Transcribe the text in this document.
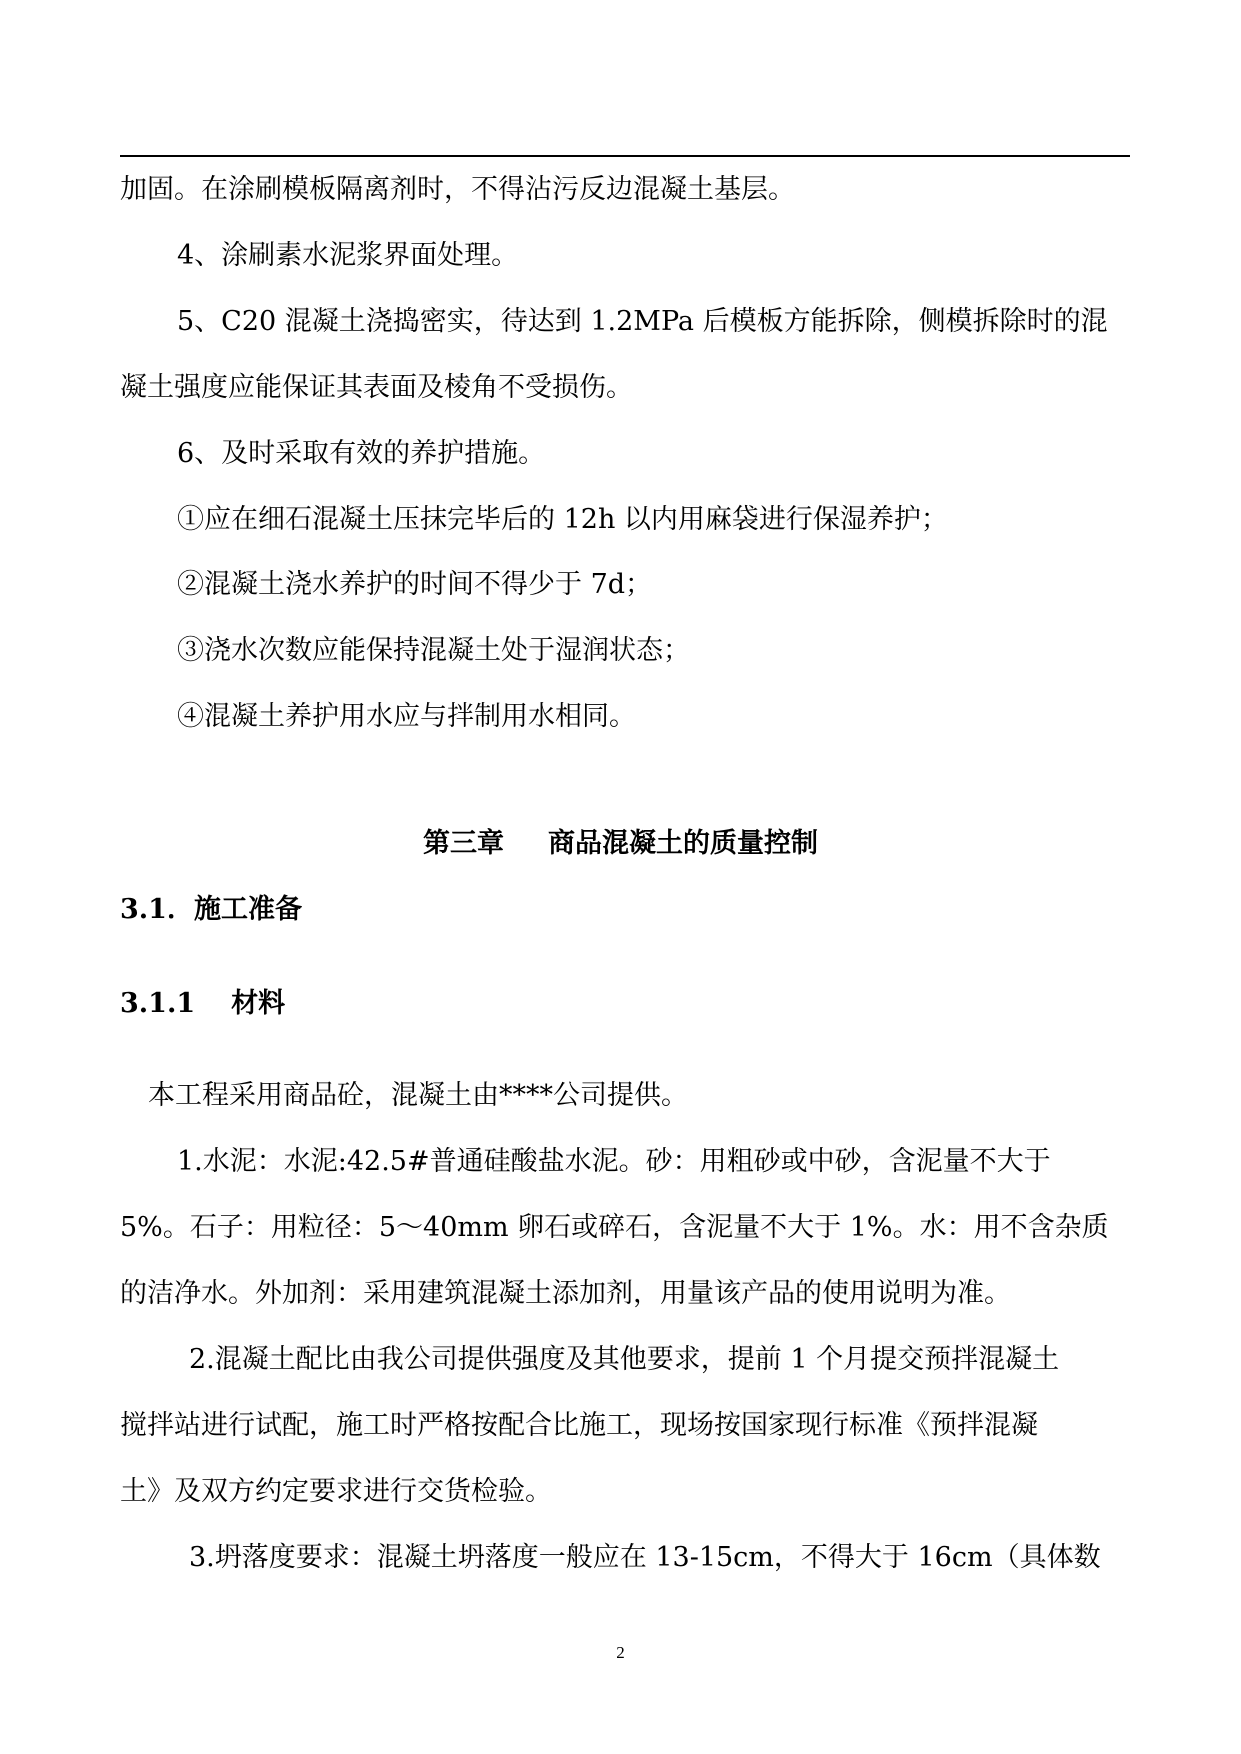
加固。在涂刷模板隔离剂时，不得沾污反边混凝土基层。
4、涂刷素水泥浆界面处理。
5、C20 混凝土浇捣密实，待达到 1.2MPa 后模板方能拆除，侧模拆除时的混
凝土强度应能保证其表面及棱角不受损伤。
6、及时采取有效的养护措施。
①应在细石混凝土压抹完毕后的 12h 以内用麻袋进行保湿养护；
②混凝土浇水养护的时间不得少于 7d；
③浇水次数应能保持混凝土处于湿润状态；
④混凝土养护用水应与拌制用水相同。
第三章 商品混凝土的质量控制
3.1．施工准备
3.1.1 材料
本工程采用商品砼，混凝土由****公司提供。
1.水泥：水泥:42.5#普通硅酸盐水泥。砂：用粗砂或中砂，含泥量不大于
5%。石子：用粒径：5～40mm 卵石或碎石，含泥量不大于 1%。水：用不含杂质
的洁净水。外加剂：采用建筑混凝土添加剂，用量该产品的使用说明为准。
2.混凝土配比由我公司提供强度及其他要求，提前 1 个月提交预拌混凝土
搅拌站进行试配，施工时严格按配合比施工，现场按国家现行标准《预拌混凝
土》及双方约定要求进行交货检验。
3.坍落度要求：混凝土坍落度一般应在 13-15cm，不得大于 16cm（具体数
2
